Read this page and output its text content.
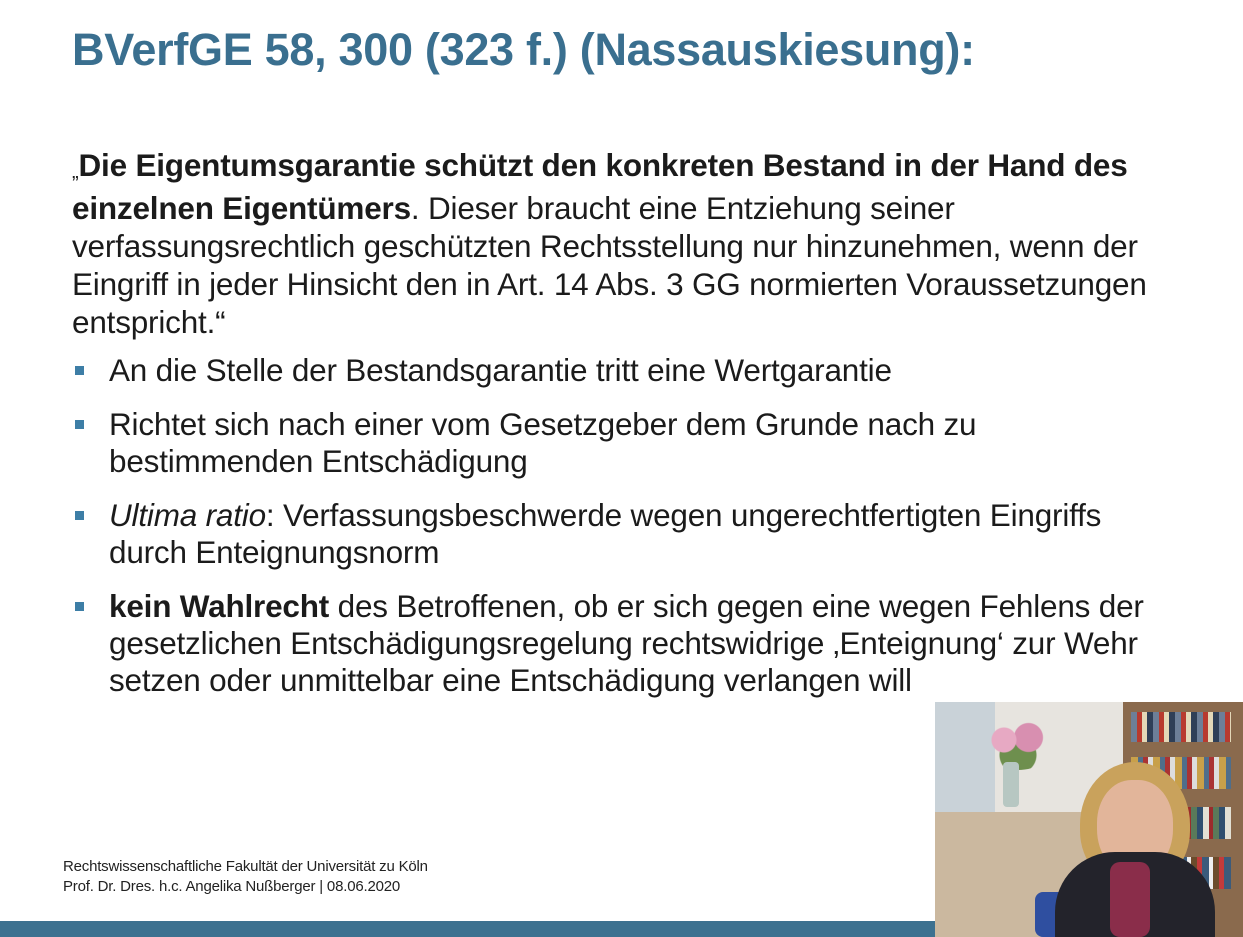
BVerfGE 58, 300 (323 f.) (Nassauskiesung):
„Die Eigentumsgarantie schützt den konkreten Bestand in der Hand des einzelnen Eigentümers. Dieser braucht eine Entziehung seiner verfassungsrechtlich geschützten Rechtsstellung nur hinzunehmen, wenn der Eingriff in jeder Hinsicht den in Art. 14 Abs. 3 GG normierten Voraussetzungen entspricht.“
An die Stelle der Bestandsgarantie tritt eine Wertgarantie
Richtet sich nach einer vom Gesetzgeber dem Grunde nach zu bestimmenden Entschädigung
Ultima ratio: Verfassungsbeschwerde wegen ungerechtfertigten Eingriffs durch Enteignungsnorm
kein Wahlrecht des Betroffenen, ob er sich gegen eine wegen Fehlens der gesetzlichen Entschädigungsregelung rechtswidrige ‚Enteignung‘ zur Wehr setzen oder unmittelbar eine Entschädigung verlangen will
Rechtswissenschaftliche Fakultät der Universität zu Köln
Prof. Dr. Dres. h.c. Angelika Nußberger | 08.06.2020
